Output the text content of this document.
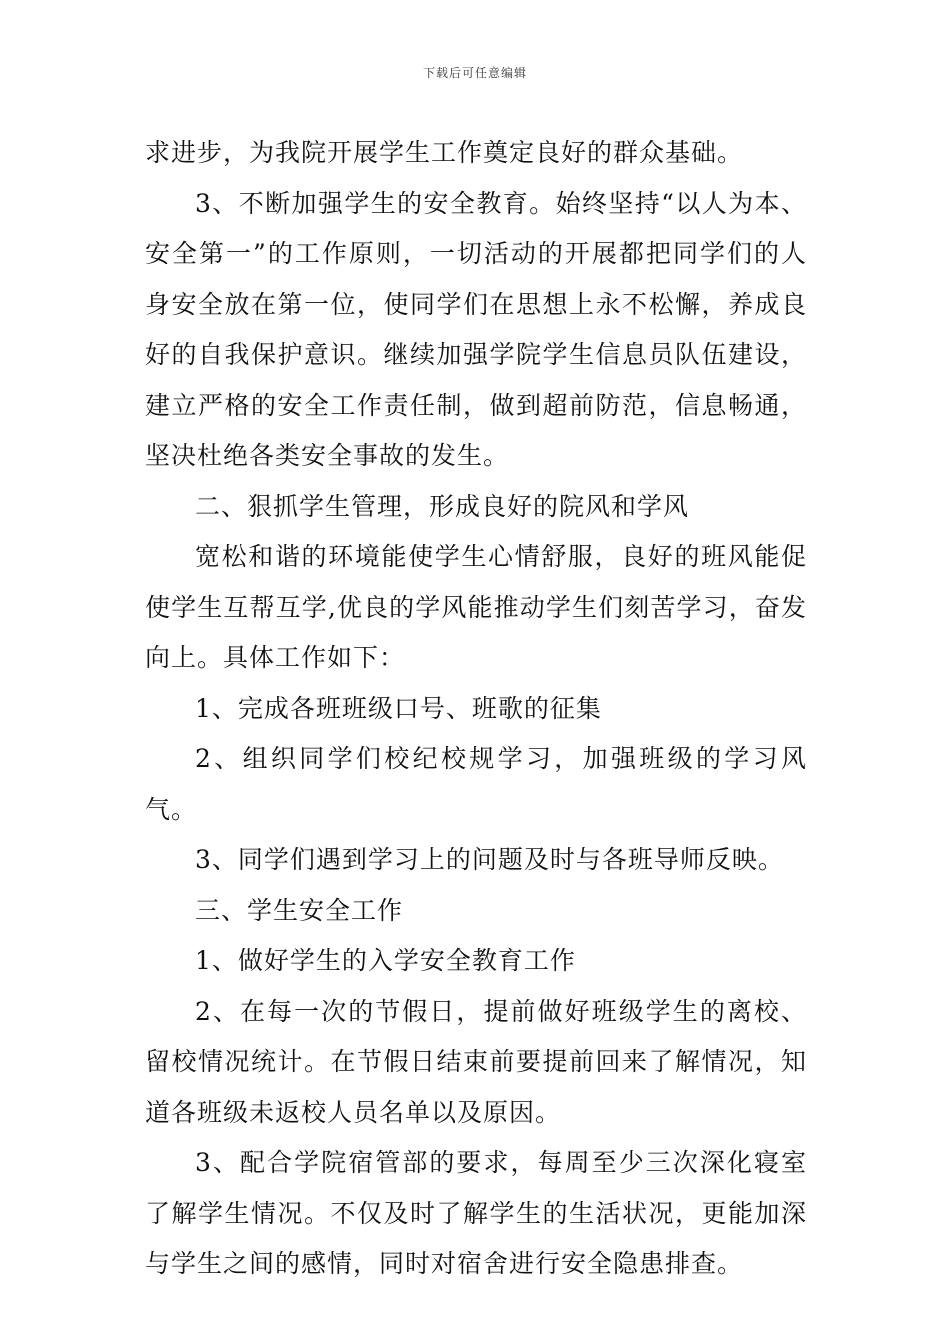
下载后可任意编辑

求进步，为我院开展学生工作奠定良好的群众基础。

3、不断加强学生的安全教育。始终坚持“以人为本、安全第一”的工作原则，一切活动的开展都把同学们的人身安全放在第一位，使同学们在思想上永不松懈，养成良好的自我保护意识。继续加强学院学生信息员队伍建设，建立严格的安全工作责任制，做到超前防范，信息畅通，坚决杜绝各类安全事故的发生。

二、狠抓学生管理，形成良好的院风和学风

宽松和谐的环境能使学生心情舒服，良好的班风能促使学生互帮互学,优良的学风能推动学生们刻苦学习，奋发向上。具体工作如下：

1、完成各班班级口号、班歌的征集

2、组织同学们校纪校规学习，加强班级的学习风气。

3、同学们遇到学习上的问题及时与各班导师反映。

三、学生安全工作

1、做好学生的入学安全教育工作

2、在每一次的节假日，提前做好班级学生的离校、留校情况统计。在节假日结束前要提前回来了解情况，知道各班级未返校人员名单以及原因。

3、配合学院宿管部的要求，每周至少三次深化寝室了解学生情况。不仅及时了解学生的生活状况，更能加深与学生之间的感情，同时对宿舍进行安全隐患排查。
